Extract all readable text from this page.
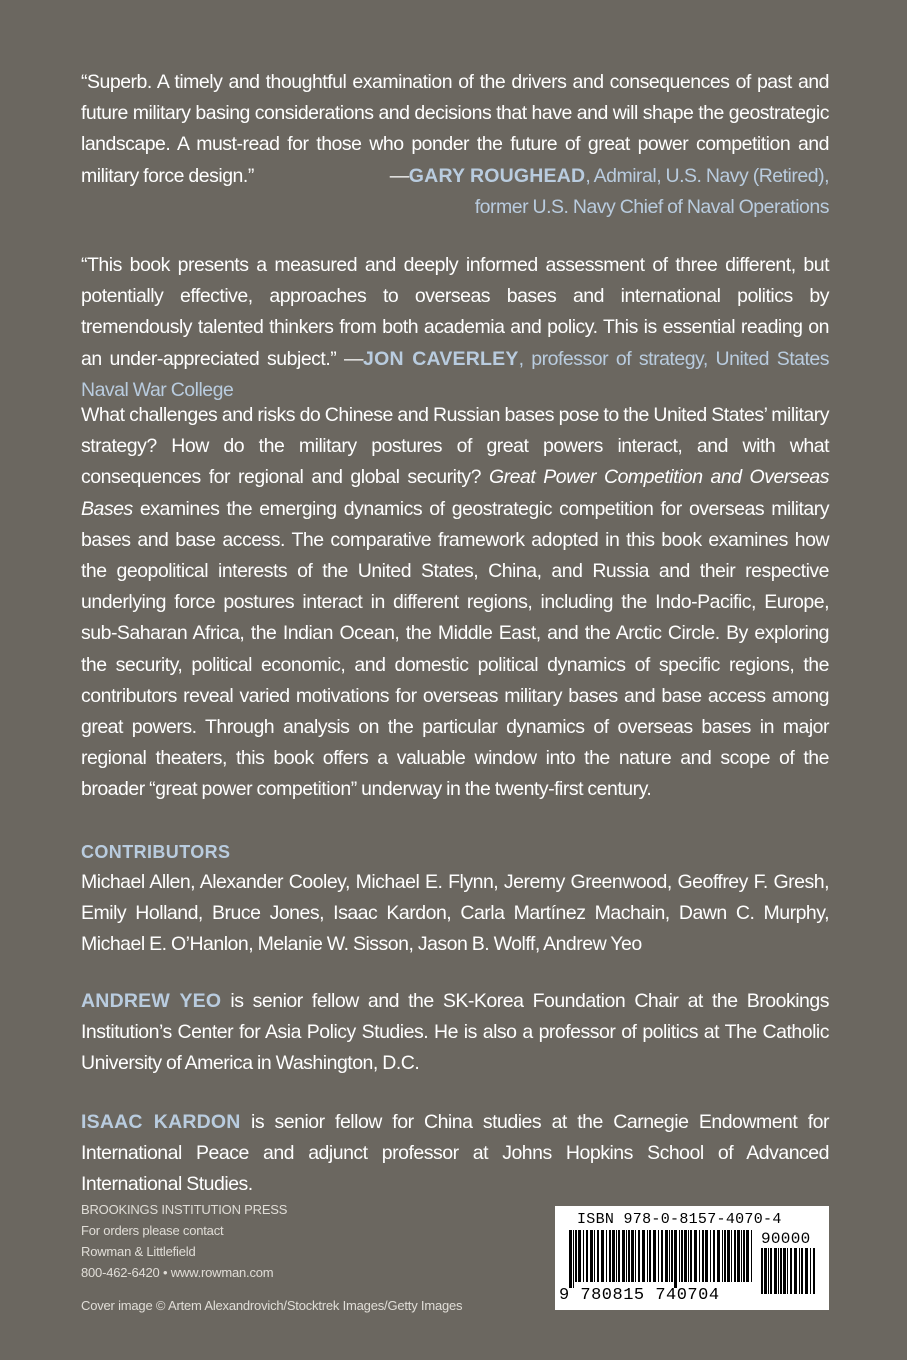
“Superb. A timely and thoughtful examination of the drivers and consequences of past and future military basing considerations and decisions that have and will shape the geostrategic landscape. A must-read for those who ponder the future of great power competition and military force design.”	—GARY ROUGHEAD, Admiral, U.S. Navy (Retired),
former U.S. Navy Chief of Naval Operations

“This book presents a measured and deeply informed assessment of three different, but potentially effective, approaches to overseas bases and international politics by tremendously talented thinkers from both academia and policy. This is essential reading on an under-appreciated subject.” —JON CAVERLEY, professor of strategy, United States Naval War College

What challenges and risks do Chinese and Russian bases pose to the United States’ military strategy? How do the military postures of great powers interact, and with what consequences for regional and global security? Great Power Competition and Overseas Bases examines the emerging dynamics of geostrategic competition for overseas military bases and base access. The comparative framework adopted in this book examines how the geopolitical interests of the United States, China, and Russia and their respective underlying force postures interact in different regions, including the Indo-Pacific, Europe, sub-Saharan Africa, the Indian Ocean, the Middle East, and the Arctic Circle. By exploring the security, political economic, and domestic political dynamics of specific regions, the contributors reveal varied motivations for overseas military bases and base access among great powers. Through analysis on the particular dynamics of overseas bases in major regional theaters, this book offers a valuable window into the nature and scope of the broader “great power competition” underway in the twenty-first century.

CONTRIBUTORS

Michael Allen, Alexander Cooley, Michael E. Flynn, Jeremy Greenwood, Geoffrey F. Gresh, Emily Holland, Bruce Jones, Isaac Kardon, Carla Martínez Machain, Dawn C. Murphy, Michael E. O’Hanlon, Melanie W. Sisson, Jason B. Wolff, Andrew Yeo

ANDREW YEO is senior fellow and the SK-Korea Foundation Chair at the Brookings Institution’s Center for Asia Policy Studies. He is also a professor of politics at The Catholic University of America in Washington, D.C.

ISAAC KARDON is senior fellow for China studies at the Carnegie Endowment for International Peace and adjunct professor at Johns Hopkins School of Advanced International Studies.

BROOKINGS INSTITUTION PRESS
For orders please contact
Rowman & Littlefield
800-462-6420 • www.rowman.com
Cover image © Artem Alexandrovich/Stocktrek Images/Getty Images
ISBN 978-0-8157-4070-4
9 780815 740704
90000
